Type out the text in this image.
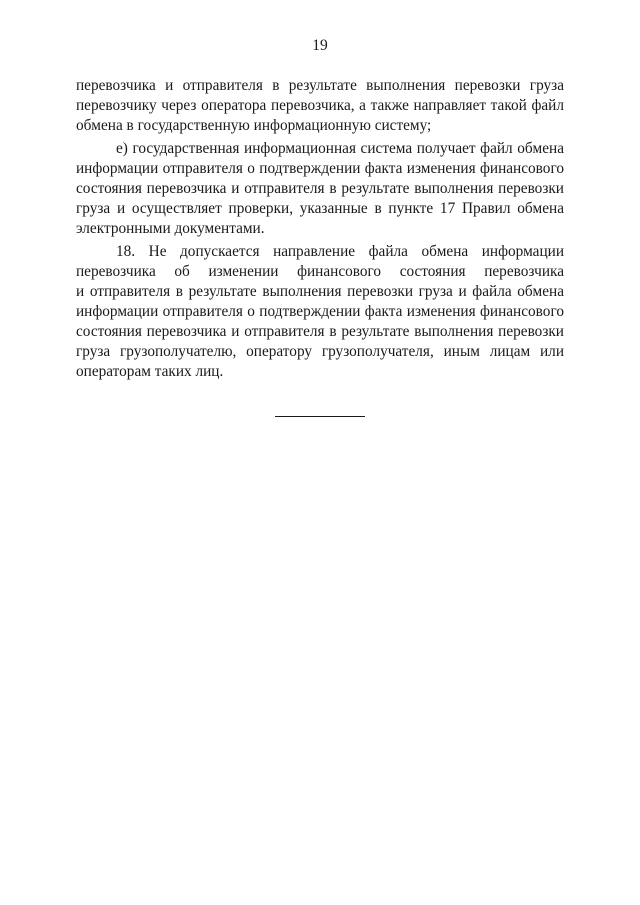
19
перевозчика и отправителя в результате выполнения перевозки груза
перевозчику через оператора перевозчика, а также направляет такой файл
обмена в государственную информационную систему;
е) государственная информационная система получает файл обмена
информации отправителя о подтверждении факта изменения финансового
состояния перевозчика и отправителя в результате выполнения перевозки
груза и осуществляет проверки, указанные в пункте 17 Правил обмена
электронными документами.
18. Не допускается направление файла обмена информации
перевозчика об изменении финансового состояния перевозчика
и отправителя в результате выполнения перевозки груза и файла обмена
информации отправителя о подтверждении факта изменения финансового
состояния перевозчика и отправителя в результате выполнения перевозки
груза грузополучателю, оператору грузополучателя, иным лицам или
операторам таких лиц.
